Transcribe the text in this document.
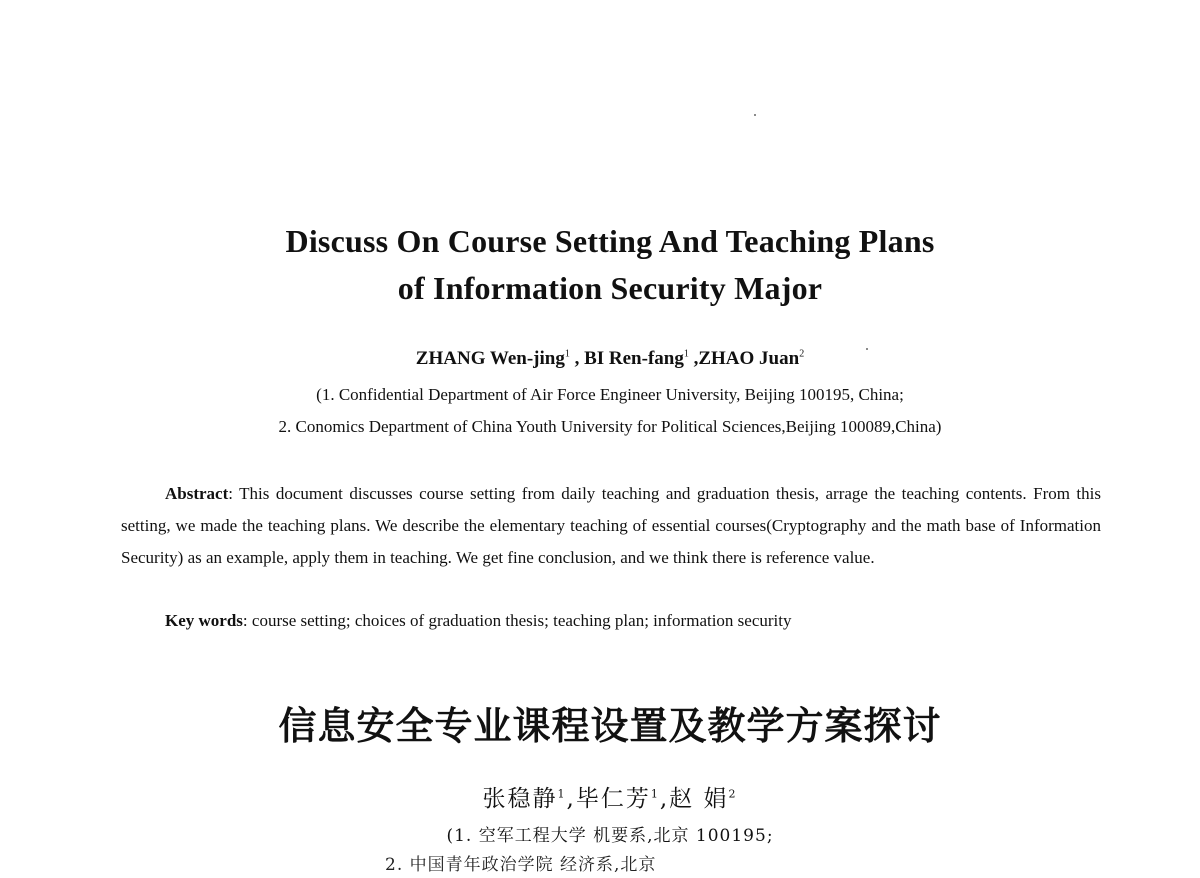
Discuss On Course Setting And Teaching Plans
of Information Security Major
ZHANG Wen-jing$^1$ , BI Ren-fang$^1$ ,ZHAO Juan$^2$
(1. Confidential Department of Air Force Engineer University, Beijing 100195, China;
2. Conomics Department of China Youth University for Political Sciences,Beijing 100089,China)
Abstract: This document discusses course setting from daily teaching and graduation thesis, arrage the teaching contents. From this setting, we made the teaching plans. We describe the elementary teaching of essential courses(Cryptography and the math base of Information Security) as an example, apply them in teaching. We get fine conclusion, and we think there is reference value.
Key words: course setting; choices of graduation thesis; teaching plan; information security
信息安全专业课程设置及教学方案探讨
张稳静$^1$,毕仁芳$^1$,赵 娟$^2$
(1. 空军工程大学 机要系,北京 100195;
2. 中国青年政治学院 经济系,北京
